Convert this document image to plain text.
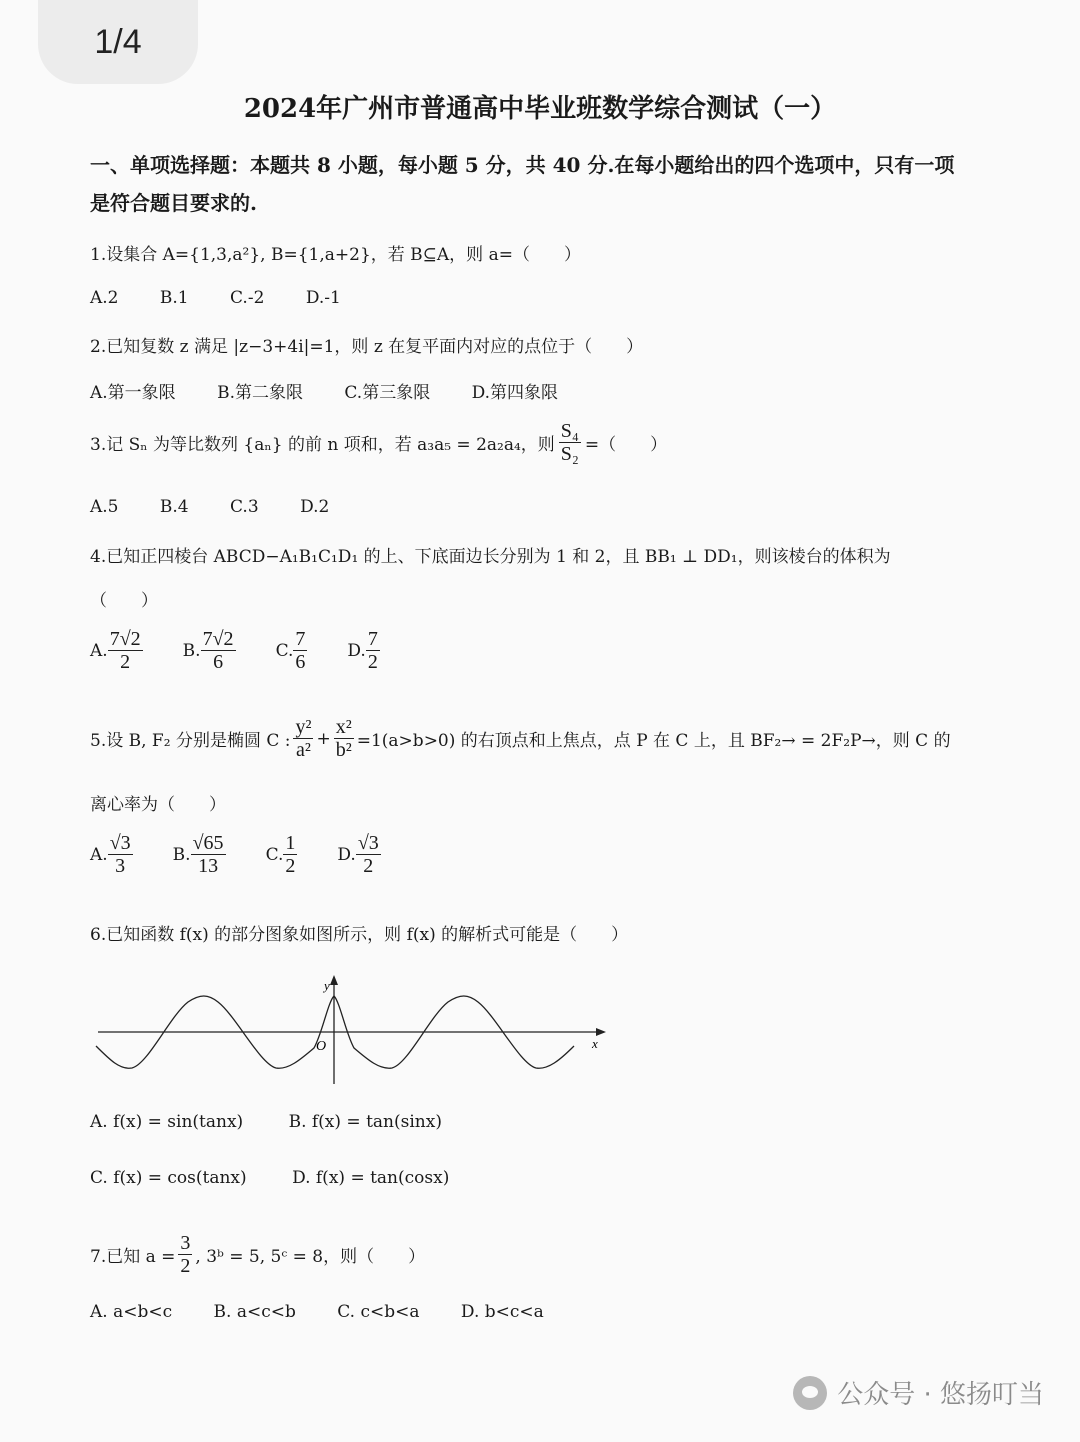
1/4
2024年广州市普通高中毕业班数学综合测试（一）
一、单项选择题：本题共 8 小题，每小题 5 分，共 40 分.在每小题给出的四个选项中，只有一项
是符合题目要求的.
1.设集合 A={1,3,a²}, B={1,a+2}，若 B⊆A，则 a=（　　）
A.2 B.1 C.-2 D.-1
2.已知复数 z 满足 |z−3+4i|=1，则 z 在复平面内对应的点位于（　　）
A.第一象限 B.第二象限 C.第三象限 D.第四象限
3.记 Sₙ 为等比数列 {aₙ} 的前 n 项和，若 a₃a₅ = 2a₂a₄，则 $\frac{\text{S₄}}{\text{S₂}}$ =（　　）
A.5 B.4 C.3 D.2
4.已知正四棱台 ABCD−A₁B₁C₁D₁ 的上、下底面边长分别为 1 和 2，且 BB₁ ⊥ DD₁，则该棱台的体积为
（　　）
A. $\frac{7√2}{2} B$. $\frac{7√2}{6} C$. $\frac{7}{6} D$. $\frac{7}{2}$
5.设 B, F₂ 分别是椭圆 C : $\frac{\text{y²}}{\text{a²}} + \frac{\text{x²}}{\text{b²}} =1(a>b>0)$ 的右顶点和上焦点，点 P 在 C 上，且 BF₂→ = 2F₂P→，则 C 的
离心率为（　　）
A. $\frac{√3}{3} B$. $\frac{√65}{13} C$. $\frac{1}{2} D$. $\frac{√3}{2}$
6.已知函数 f(x) 的部分图象如图所示，则 f(x) 的解析式可能是（　　）
y
x
O
A. f(x) = sin(tanx)	B. f(x) = tan(sinx)
C. f(x) = cos(tanx)	D. f(x) = tan(cosx)
7.已知 $a = \frac{3}{2}$ , 3ᵇ = 5, 5ᶜ = 8，则（　　）
A. a<b<c B. a<c<b C. c<b<a D. b<c<a
公众号 · 悠扬叮当
